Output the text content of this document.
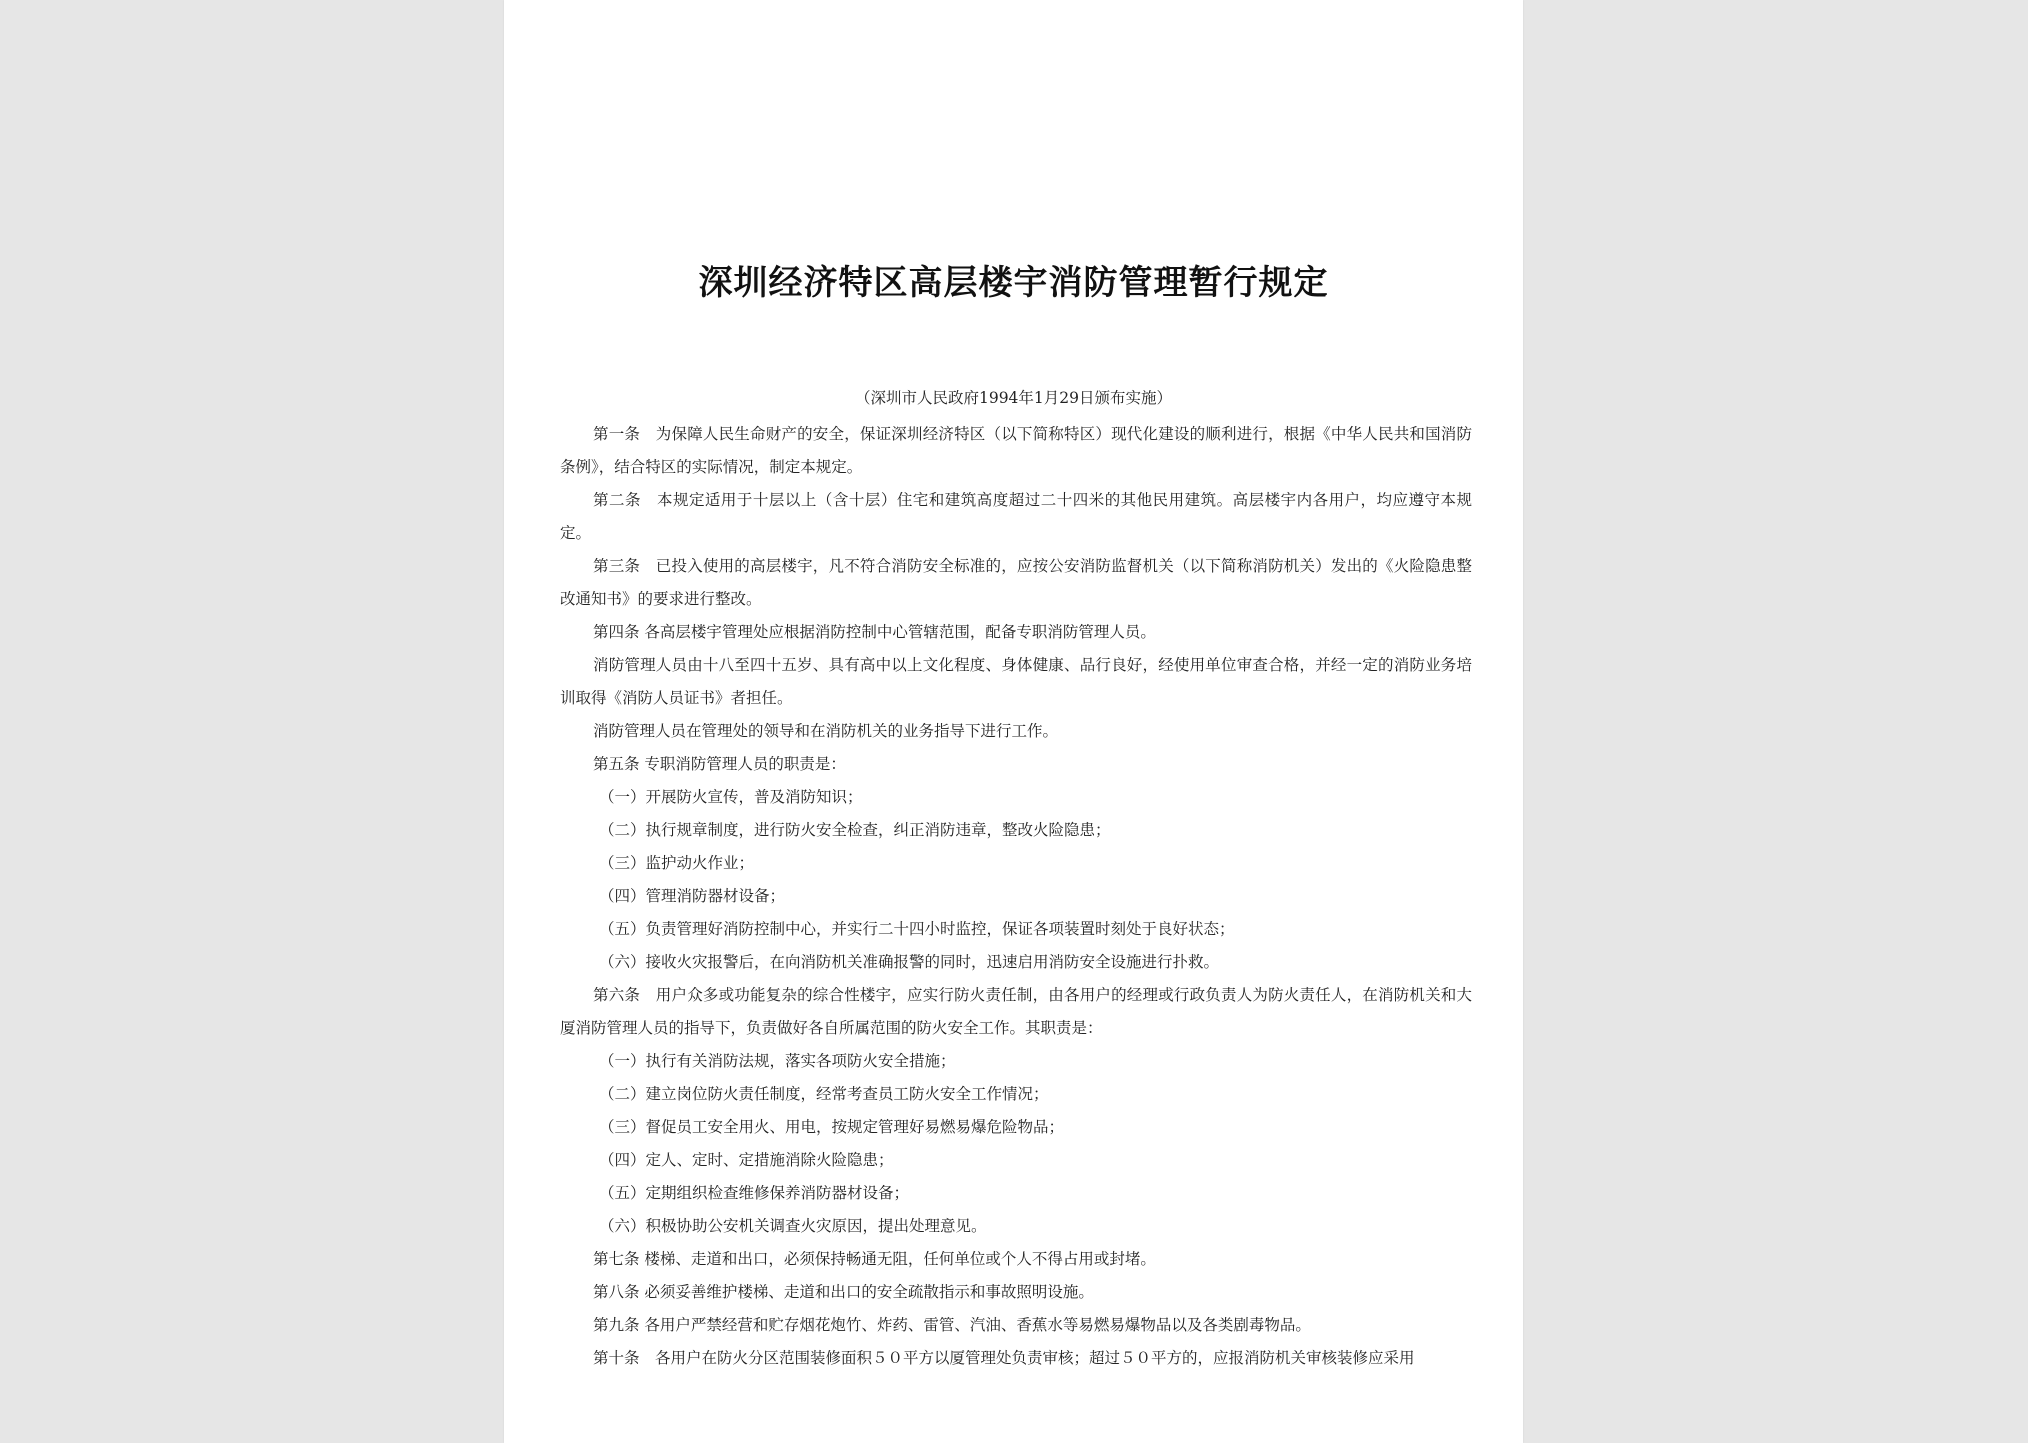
深圳经济特区高层楼宇消防管理暂行规定
（深圳市人民政府1994年1月29日颁布实施）

第一条　为保障人民生命财产的安全，保证深圳经济特区（以下简称特区）现代化建设的顺利进行，根据《中华人民共和国消防条例》，结合特区的实际情况，制定本规定。

第二条　本规定适用于十层以上（含十层）住宅和建筑高度超过二十四米的其他民用建筑。高层楼宇内各用户，均应遵守本规定。

第三条　已投入使用的高层楼宇，凡不符合消防安全标准的，应按公安消防监督机关（以下简称消防机关）发出的《火险隐患整改通知书》的要求进行整改。

第四条 各高层楼宇管理处应根据消防控制中心管辖范围，配备专职消防管理人员。

消防管理人员由十八至四十五岁、具有高中以上文化程度、身体健康、品行良好，经使用单位审查合格，并经一定的消防业务培训取得《消防人员证书》者担任。

消防管理人员在管理处的领导和在消防机关的业务指导下进行工作。

第五条 专职消防管理人员的职责是：

（一）开展防火宣传，普及消防知识；

（二）执行规章制度，进行防火安全检查，纠正消防违章，整改火险隐患；

（三）监护动火作业；

（四）管理消防器材设备；

（五）负责管理好消防控制中心，并实行二十四小时监控，保证各项装置时刻处于良好状态；

（六）接收火灾报警后，在向消防机关准确报警的同时，迅速启用消防安全设施进行扑救。

第六条　用户众多或功能复杂的综合性楼宇，应实行防火责任制，由各用户的经理或行政负责人为防火责任人，在消防机关和大厦消防管理人员的指导下，负责做好各自所属范围的防火安全工作。其职责是：

（一）执行有关消防法规，落实各项防火安全措施；

（二）建立岗位防火责任制度，经常考查员工防火安全工作情况；

（三）督促员工安全用火、用电，按规定管理好易燃易爆危险物品；

（四）定人、定时、定措施消除火险隐患；

（五）定期组织检查维修保养消防器材设备；

（六）积极协助公安机关调查火灾原因，提出处理意见。

第七条 楼梯、走道和出口，必须保持畅通无阻，任何单位或个人不得占用或封堵。

第八条 必须妥善维护楼梯、走道和出口的安全疏散指示和事故照明设施。

第九条 各用户严禁经营和贮存烟花炮竹、炸药、雷管、汽油、香蕉水等易燃易爆物品以及各类剧毒物品。

第十条　各用户在防火分区范围装修面积５０平方以厦管理处负责审核；超过５０平方的，应报消防机关审核装修应采用
